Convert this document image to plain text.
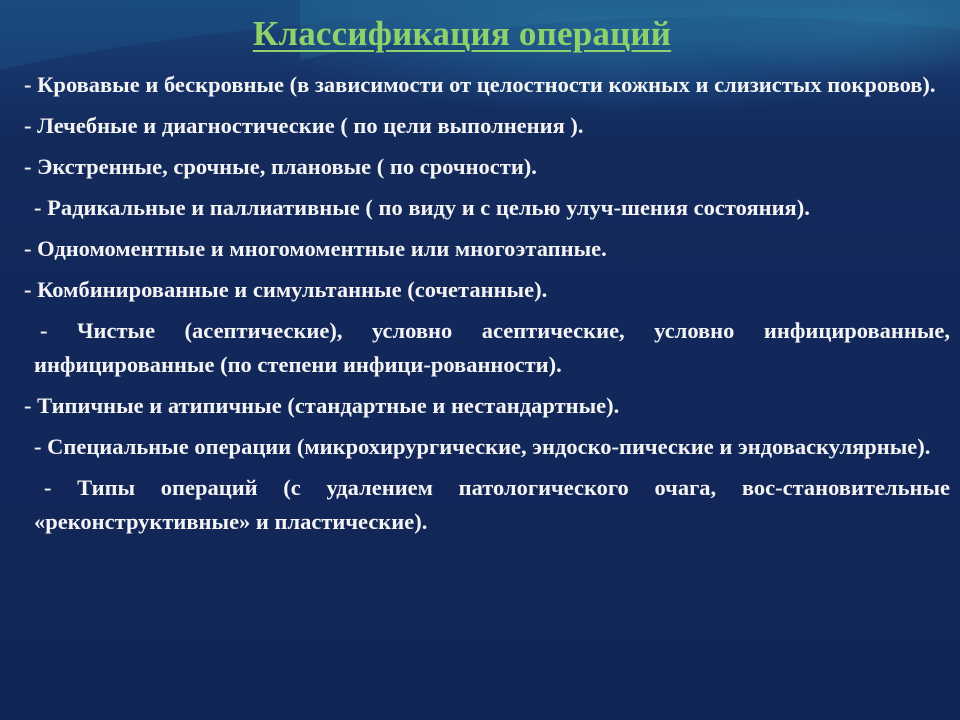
Классификация операций
- Кровавые и бескровные (в зависимости от целостности кожных и слизистых покровов).
- Лечебные и диагностические ( по цели выполнения ).
- Экстренные, срочные, плановые ( по срочности).
- Радикальные и паллиативные ( по виду и с целью улуч-шения состояния).
- Одномоментные и многомоментные или многоэтапные.
- Комбинированные и симультанные (сочетанные).
- Чистые (асептические), условно асептические, условно инфицированные, инфицированные (по степени инфици-рованности).
- Типичные и атипичные (стандартные и нестандартные).
- Специальные операции (микрохирургические, эндоско-пические и эндоваскулярные).
- Типы операций (с удалением патологического очага, вос-становительные «реконструктивные» и пластические).
